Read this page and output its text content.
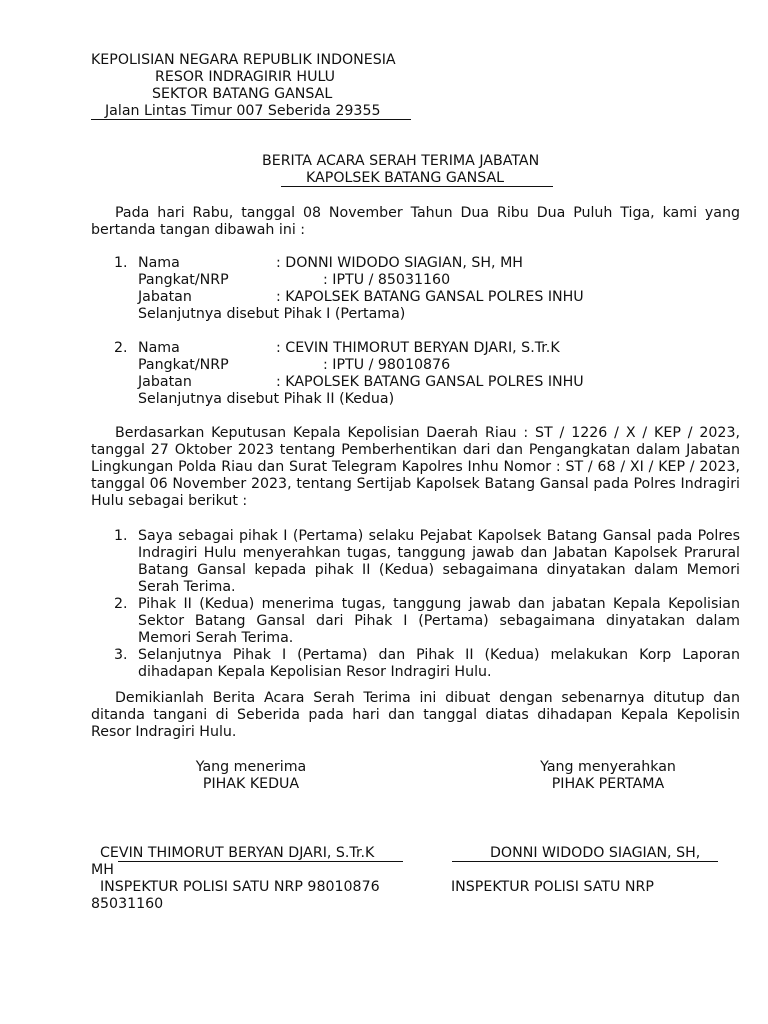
KEPOLISIAN NEGARA REPUBLIK INDONESIA
RESOR INDRAGIRIR HULU
SEKTOR BATANG GANSAL
Jalan Lintas Timur 007 Seberida 29355
BERITA ACARA SERAH TERIMA JABATAN
KAPOLSEK BATANG GANSAL

Pada hari Rabu, tanggal 08 November Tahun Dua Ribu Dua Puluh Tiga, kami yang bertanda tangan dibawah ini :

1. Nama	: DONNI WIDODO SIAGIAN, SH, MH
Pangkat/NRP	: IPTU / 85031160
Jabatan	: KAPOLSEK BATANG GANSAL POLRES INHU
Selanjutnya disebut Pihak I (Pertama)
2. Nama	: CEVIN THIMORUT BERYAN DJARI, S.Tr.K
Pangkat/NRP	: IPTU / 98010876
Jabatan	: KAPOLSEK BATANG GANSAL POLRES INHU
Selanjutnya disebut Pihak II (Kedua)

Berdasarkan Keputusan Kepala Kepolisian Daerah Riau : ST / 1226 / X / KEP / 2023, tanggal 27 Oktober 2023 tentang Pemberhentikan dari dan Pengangkatan dalam Jabatan Lingkungan Polda Riau dan Surat Telegram Kapolres Inhu Nomor : ST / 68 / XI / KEP / 2023, tanggal 06 November 2023, tentang Sertijab Kapolsek Batang Gansal pada Polres Indragiri Hulu sebagai berikut :

1. Saya sebagai pihak I (Pertama) selaku Pejabat Kapolsek Batang Gansal pada Polres Indragiri Hulu menyerahkan tugas, tanggung jawab dan Jabatan Kapolsek Prarural Batang Gansal kepada pihak II (Kedua) sebagaimana dinyatakan dalam Memori Serah Terima.
2. Pihak II (Kedua) menerima tugas, tanggung jawab dan jabatan Kepala Kepolisian Sektor Batang Gansal dari Pihak I (Pertama) sebagaimana dinyatakan dalam Memori Serah Terima.
3. Selanjutnya Pihak I (Pertama) dan Pihak II (Kedua) melakukan Korp Laporan dihadapan Kepala Kepolisian Resor Indragiri Hulu.

Demikianlah Berita Acara Serah Terima ini dibuat dengan sebenarnya ditutup dan ditanda tangani di Seberida pada hari dan tanggal diatas dihadapan Kepala Kepolisin Resor Indragiri Hulu.

Yang menerima
PIHAK KEDUA
Yang menyerahkan
PIHAK PERTAMA
CEVIN THIMORUT BERYAN DJARI, S.Tr.K	DONNI WIDODO SIAGIAN, SH,
MH
INSPEKTUR POLISI SATU NRP 98010876	INSPEKTUR POLISI SATU NRP
85031160
